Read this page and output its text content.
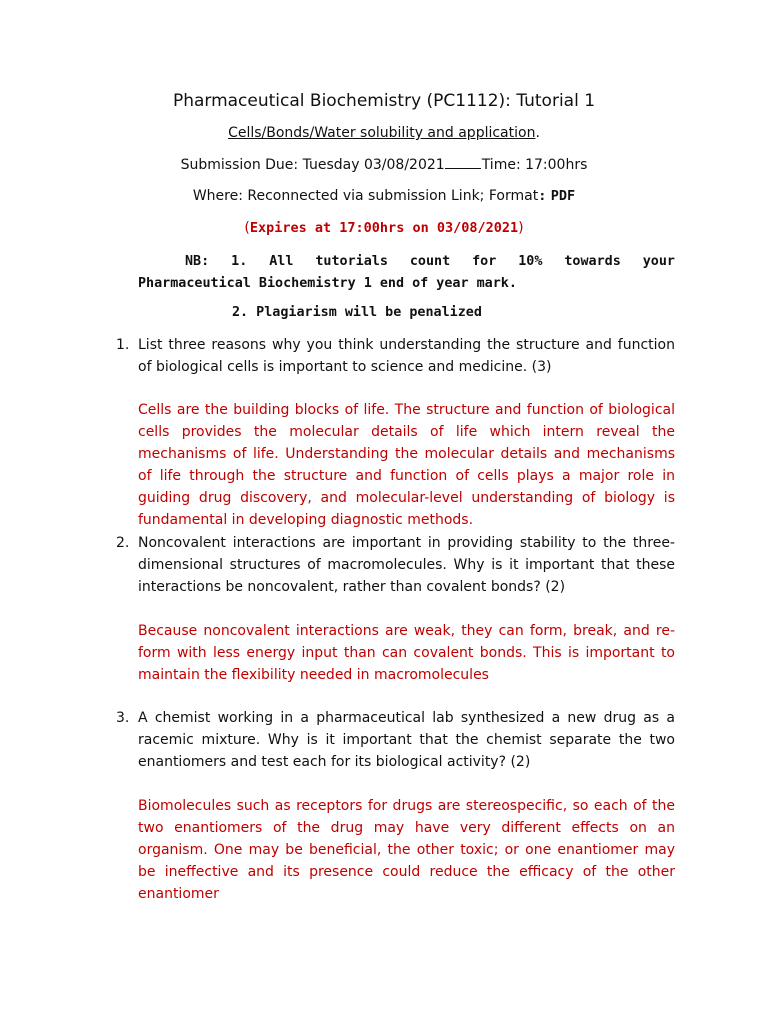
Pharmaceutical Biochemistry (PC1112): Tutorial 1
Cells/Bonds/Water solubility and application.
Submission Due: Tuesday 03/08/2021	Time: 17:00hrs
Where: Reconnected via submission Link; Format: PDF
(Expires at 17:00hrs on 03/08/2021)
NB: 1. All tutorials count for 10% towards your Pharmaceutical Biochemistry 1 end of year mark.
2. Plagiarism will be penalized
1. List three reasons why you think understanding the structure and function of biological cells is important to science and medicine. (3)
Cells are the building blocks of life. The structure and function of biological cells provides the molecular details of life which intern reveal the mechanisms of life. Understanding the molecular details and mechanisms of life through the structure and function of cells plays a major role in guiding drug discovery, and molecular-level understanding of biology is fundamental in developing diagnostic methods.
2. Noncovalent interactions are important in providing stability to the three-dimensional structures of macromolecules. Why is it important that these interactions be noncovalent, rather than covalent bonds? (2)
Because noncovalent interactions are weak, they can form, break, and re-form with less energy input than can covalent bonds. This is important to maintain the flexibility needed in macromolecules
3. A chemist working in a pharmaceutical lab synthesized a new drug as a racemic mixture. Why is it important that the chemist separate the two enantiomers and test each for its biological activity? (2)
Biomolecules such as receptors for drugs are stereospecific, so each of the two enantiomers of the drug may have very different effects on an organism. One may be beneficial, the other toxic; or one enantiomer may be ineffective and its presence could reduce the efficacy of the other enantiomer
